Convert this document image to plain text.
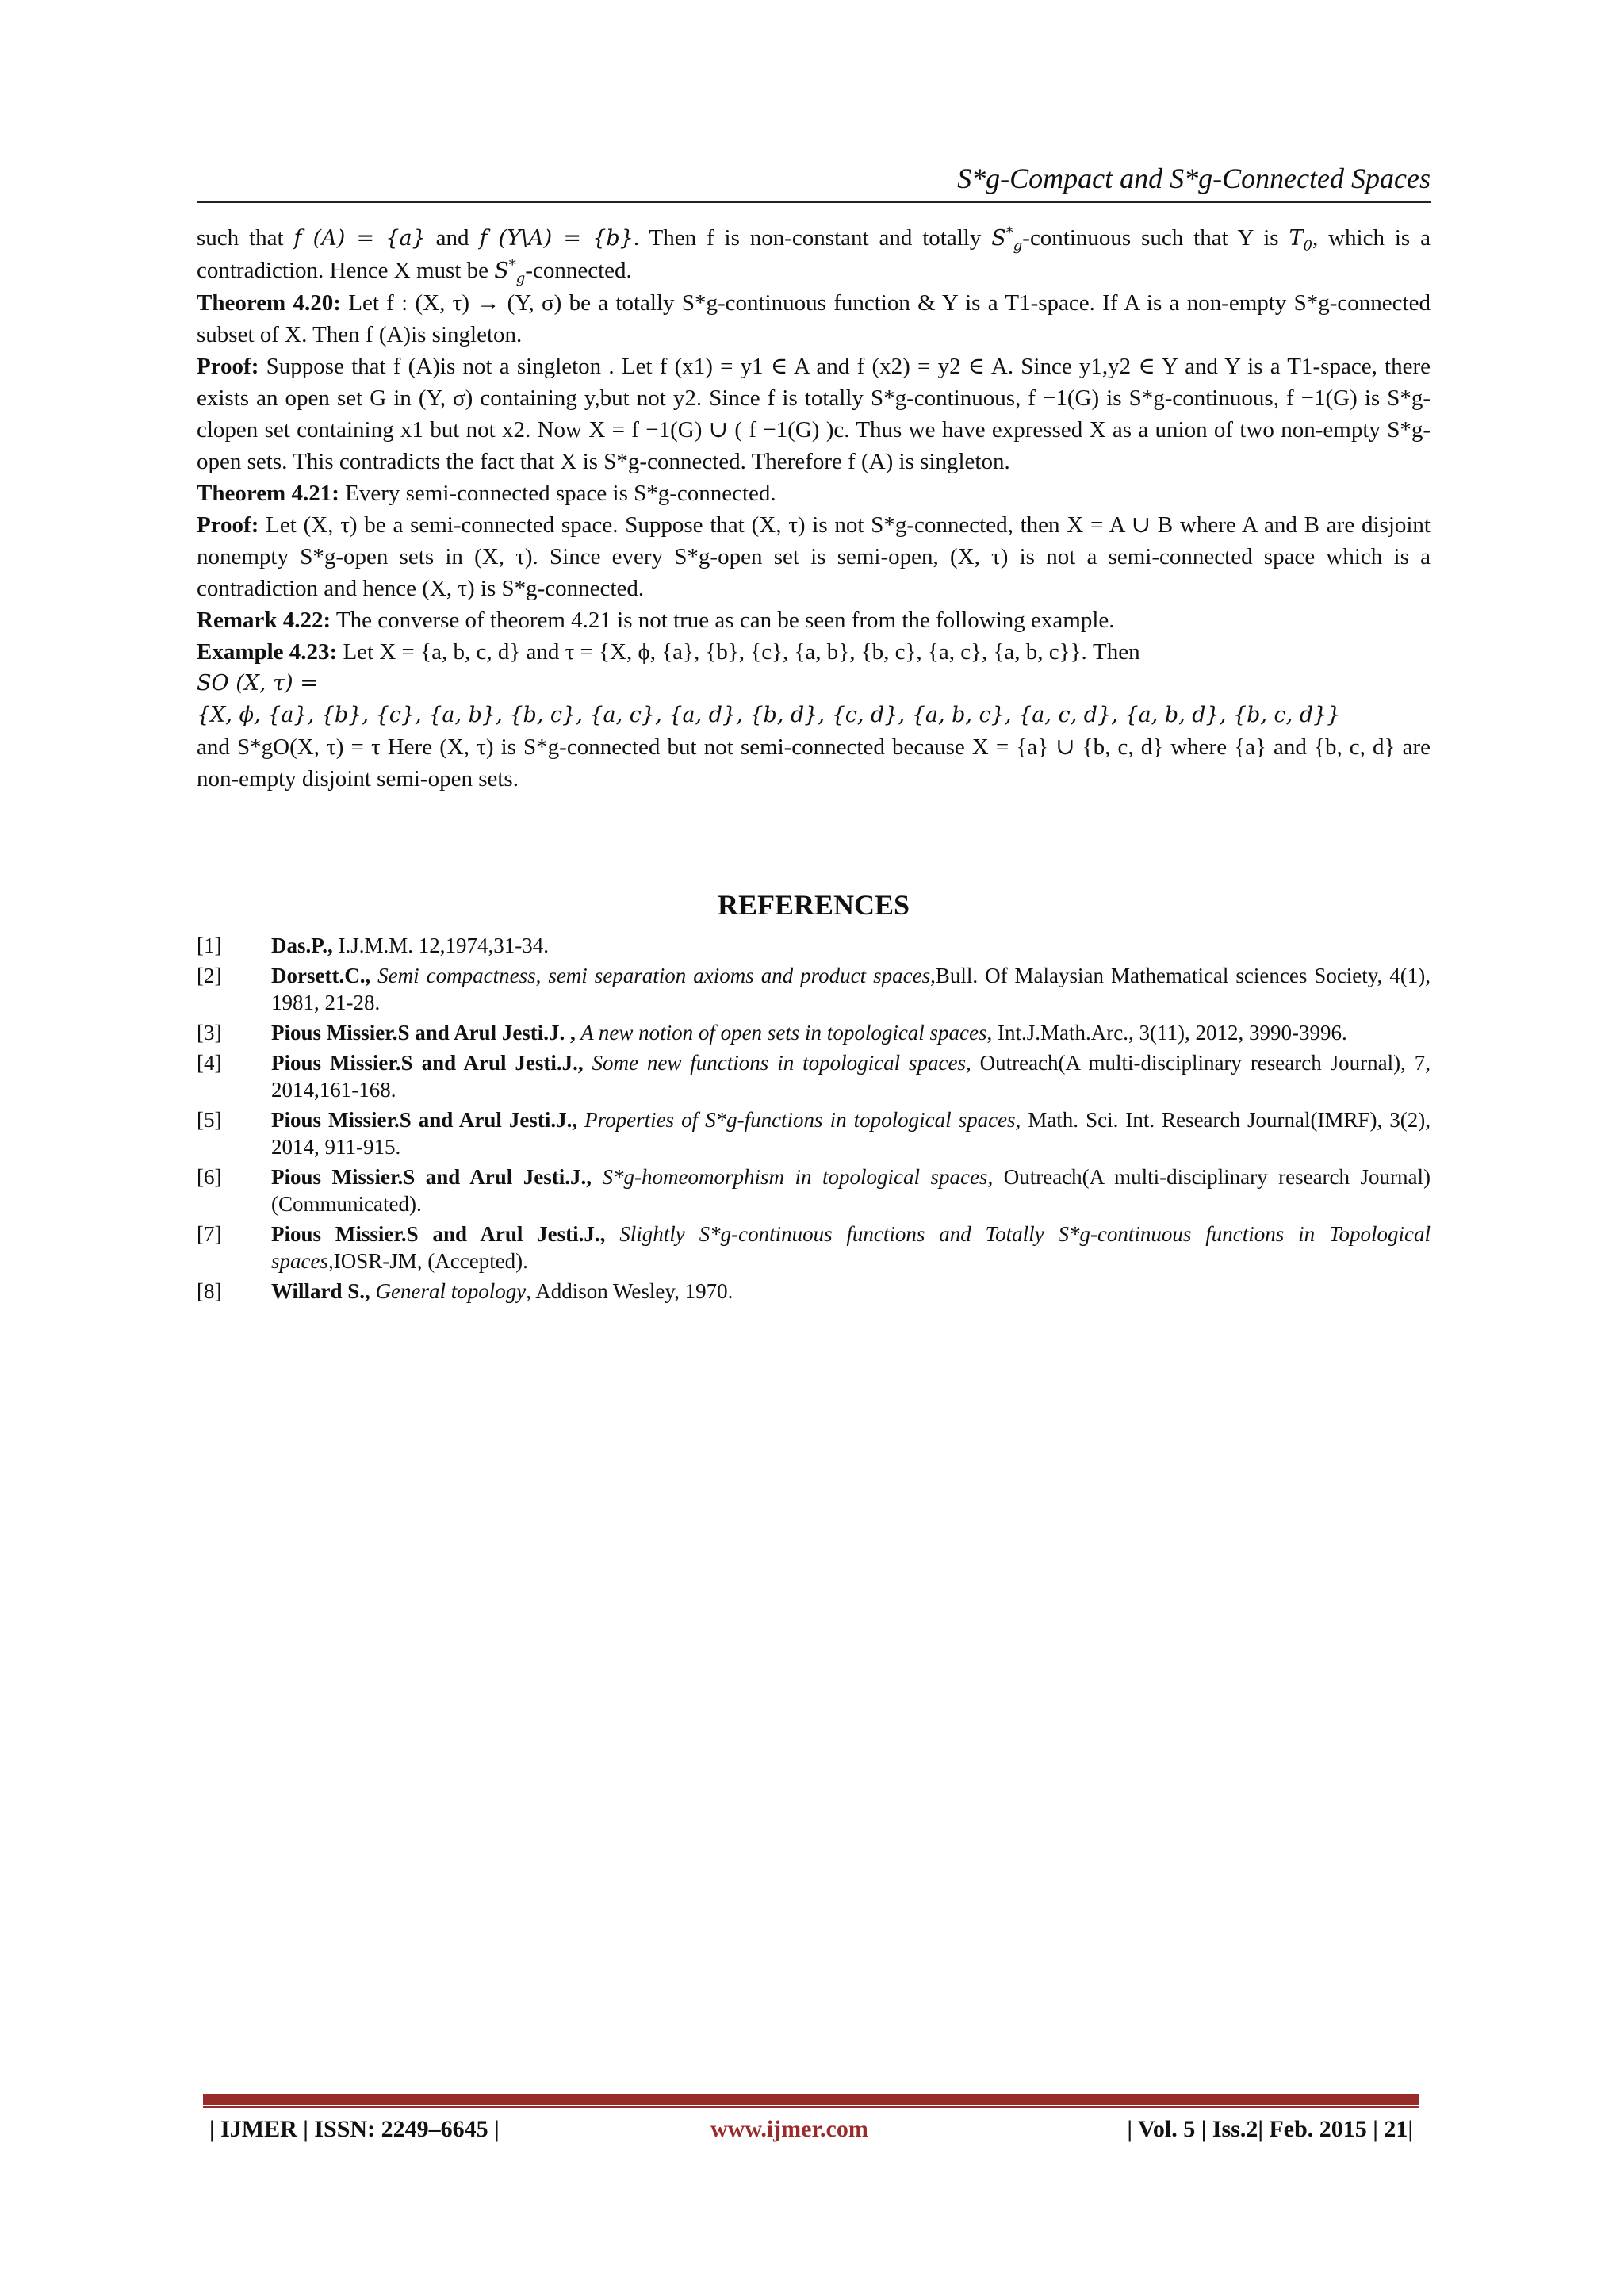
S*g-Compact and S*g-Connected Spaces

such that f (A) = {a} and f (Y\A) = {b}. Then f is non-constant and totally $S^*_g$-continuous such that Y is $T_0$, which is a contradiction. Hence X must be $S^*_g$-connected.

Theorem 4.20: Let f : (X, τ) → (Y, σ) be a totally S*g-continuous function & Y is a T1-space. If A is a non-empty S*g-connected subset of X. Then f (A)is singleton.

Proof: Suppose that f (A)is not a singleton . Let f (x1) = y1 ∈ A and f (x2) = y2 ∈ A. Since y1,y2 ∈ Y and Y is a T1-space, there exists an open set G in (Y, σ) containing y,but not y2. Since f is totally S*g-continuous, f −1(G) is S*g-continuous, f −1(G) is S*g-clopen set containing x1 but not x2. Now X = f −1(G) ∪ ( f −1(G) )c. Thus we have expressed X as a union of two non-empty S*g-open sets. This contradicts the fact that X is S*g-connected. Therefore f (A) is singleton.

Theorem 4.21: Every semi-connected space is S*g-connected.

Proof: Let (X, τ) be a semi-connected space. Suppose that (X, τ) is not S*g-connected, then X = A ∪ B where A and B are disjoint nonempty S*g-open sets in (X, τ). Since every S*g-open set is semi-open, (X, τ) is not a semi-connected space which is a contradiction and hence (X, τ) is S*g-connected.

Remark 4.22: The converse of theorem 4.21 is not true as can be seen from the following example.

Example 4.23: Let X = {a, b, c, d} and τ = {X, ϕ, {a}, {b}, {c}, {a, b}, {b, c}, {a, c}, {a, b, c}}. Then

SO (X, τ) =
{X, ϕ, {a}, {b}, {c}, {a, b}, {b, c}, {a, c}, {a, d}, {b, d}, {c, d}, {a, b, c}, {a, c, d}, {a, b, d}, {b, c, d}}

and S*gO(X, τ) = τ Here (X, τ) is S*g-connected but not semi-connected because X = {a} ∪ {b, c, d} where {a} and {b, c, d} are non-empty disjoint semi-open sets.

REFERENCES
[1]	Das.P., I.J.M.M. 12,1974,31-34.
[2]	Dorsett.C., Semi compactness, semi separation axioms and product spaces,Bull. Of Malaysian Mathematical sciences Society, 4(1), 1981, 21-28.
[3]	Pious Missier.S and Arul Jesti.J. , A new notion of open sets in topological spaces, Int.J.Math.Arc., 3(11), 2012, 3990-3996.
[4]	Pious Missier.S and Arul Jesti.J., Some new functions in topological spaces, Outreach(A multi-disciplinary research Journal), 7, 2014,161-168.
[5]	Pious Missier.S and Arul Jesti.J., Properties of S*g-functions in topological spaces, Math. Sci. Int. Research Journal(IMRF), 3(2), 2014, 911-915.
[6]	Pious Missier.S and Arul Jesti.J., S*g-homeomorphism in topological spaces, Outreach(A multi-disciplinary research Journal) (Communicated).
[7]	Pious Missier.S and Arul Jesti.J., Slightly S*g-continuous functions and Totally S*g-continuous functions in Topological spaces,IOSR-JM, (Accepted).
[8]	Willard S., General topology, Addison Wesley, 1970.
| IJMER | ISSN: 2249–6645 |	www.ijmer.com	| Vol. 5 | Iss.2| Feb. 2015 | 21|
